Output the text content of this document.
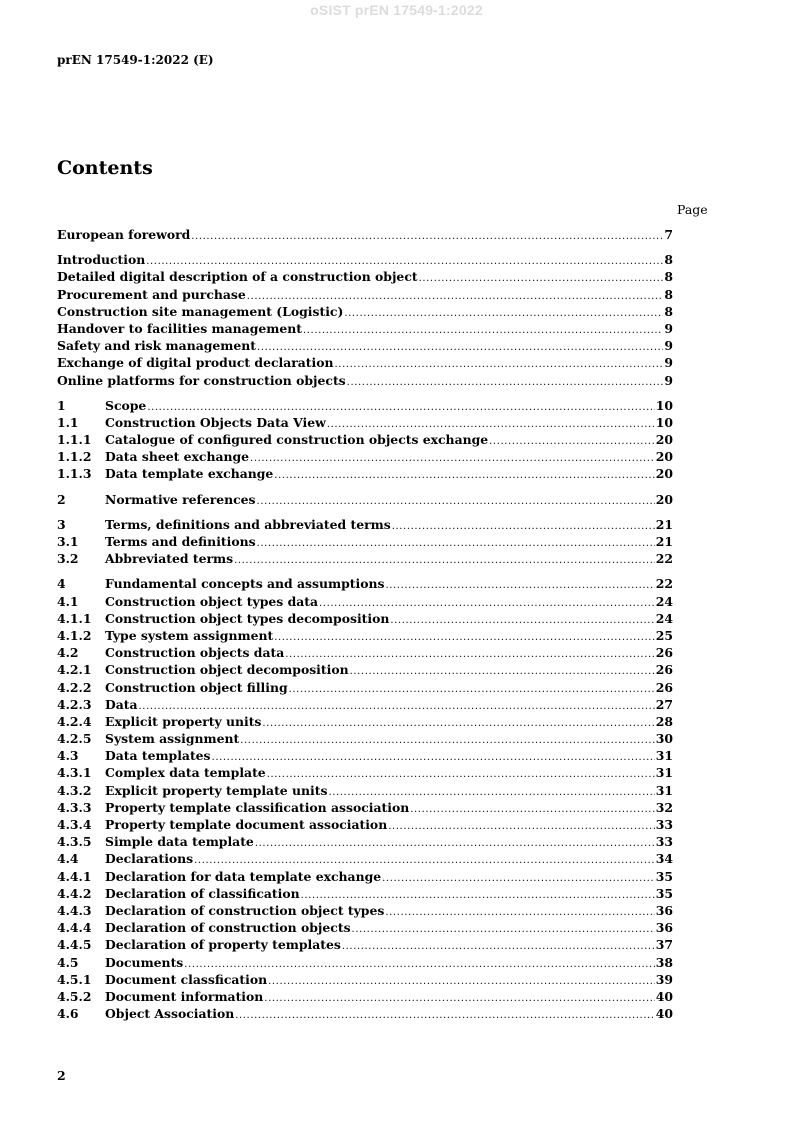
oSIST prEN 17549-1:2022
prEN 17549-1:2022 (E)
Contents
Page
European foreword .....	7
Introduction .....	8
Detailed digital description of a construction object .....	8
Procurement and purchase .....	8
Construction site management (Logistic) .....	8
Handover to facilities management .....	9
Safety and risk management .....	9
Exchange of digital product declaration .....	9
Online platforms for construction objects .....	9
1	Scope .....	10
1.1	Construction Objects Data View .....	10
1.1.1	Catalogue of configured construction objects exchange .....	20
1.1.2	Data sheet exchange .....	20
1.1.3	Data template exchange .....	20
2	Normative references .....	20
3	Terms, definitions and abbreviated terms .....	21
3.1	Terms and definitions .....	21
3.2	Abbreviated terms .....	22
4	Fundamental concepts and assumptions .....	22
4.1	Construction object types data .....	24
4.1.1	Construction object types decomposition .....	24
4.1.2	Type system assignment .....	25
4.2	Construction objects data .....	26
4.2.1	Construction object decomposition .....	26
4.2.2	Construction object filling .....	26
4.2.3	Data .....	27
4.2.4	Explicit property units .....	28
4.2.5	System assignment .....	30
4.3	Data templates .....	31
4.3.1	Complex data template .....	31
4.3.2	Explicit property template units .....	31
4.3.3	Property template classification association .....	32
4.3.4	Property template document association .....	33
4.3.5	Simple data template .....	33
4.4	Declarations .....	34
4.4.1	Declaration for data template exchange .....	35
4.4.2	Declaration of classification .....	35
4.4.3	Declaration of construction object types .....	36
4.4.4	Declaration of construction objects .....	36
4.4.5	Declaration of property templates .....	37
4.5	Documents .....	38
4.5.1	Document classfication .....	39
4.5.2	Document information .....	40
4.6	Object Association .....	40
2
